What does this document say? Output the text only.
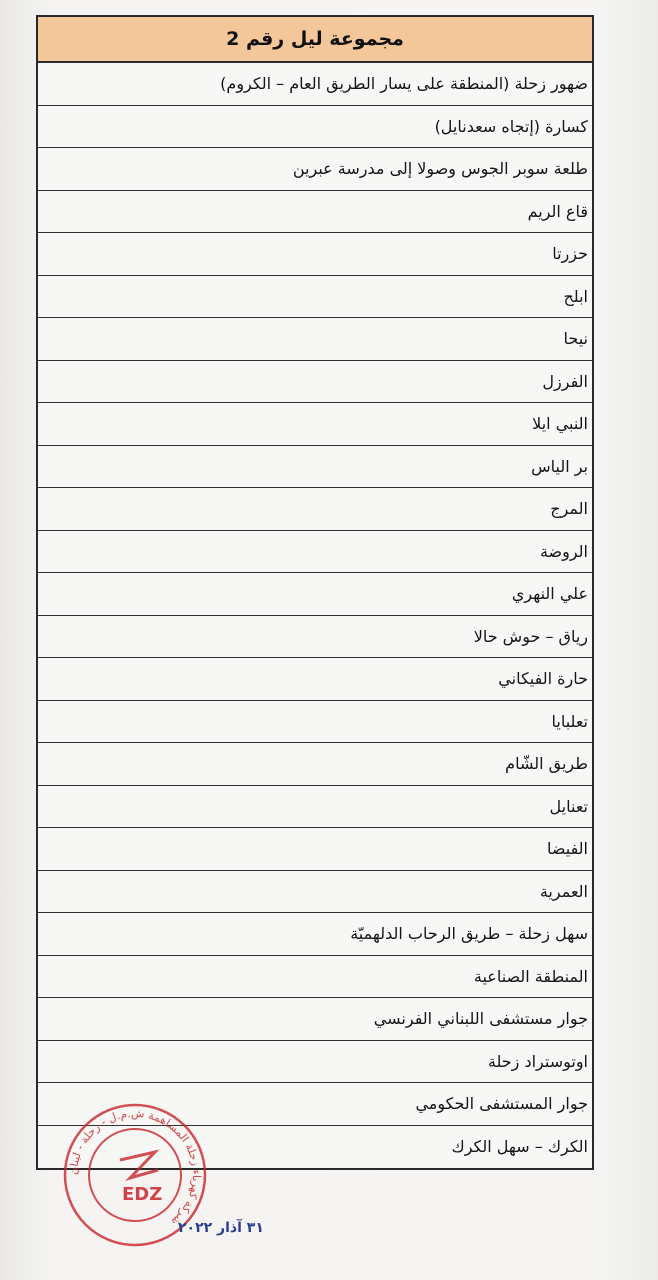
مجموعة ليل رقم 2
ضهور زحلة (المنطقة على يسار الطريق العام – الكروم)
كسارة (إتجاه سعدنايل)
طلعة سوبر الجوس وصولا إلى مدرسة عبرين
قاع الريم
حزرتا
ابلح
نيحا
الفرزل
النبي ايلا
بر الياس
المرج
الروضة
علي النهري
رياق – حوش حالا
حارة الفيكاني
تعلبايا
طريق الشّام
تعنايل
الفيضا
العمرية
سهل زحلة – طريق الرحاب الدلهميّة
المنطقة الصناعية
جوار مستشفى اللبناني الفرنسي
اوتوستراد زحلة
جوار المستشفى الحكومي
الكرك – سهل الكرك
شركة كهرباء زحلة المساهمة ش.م.ل - زحلة - لبنان
EDZ
٣١ آذار ٢٠٢٢
